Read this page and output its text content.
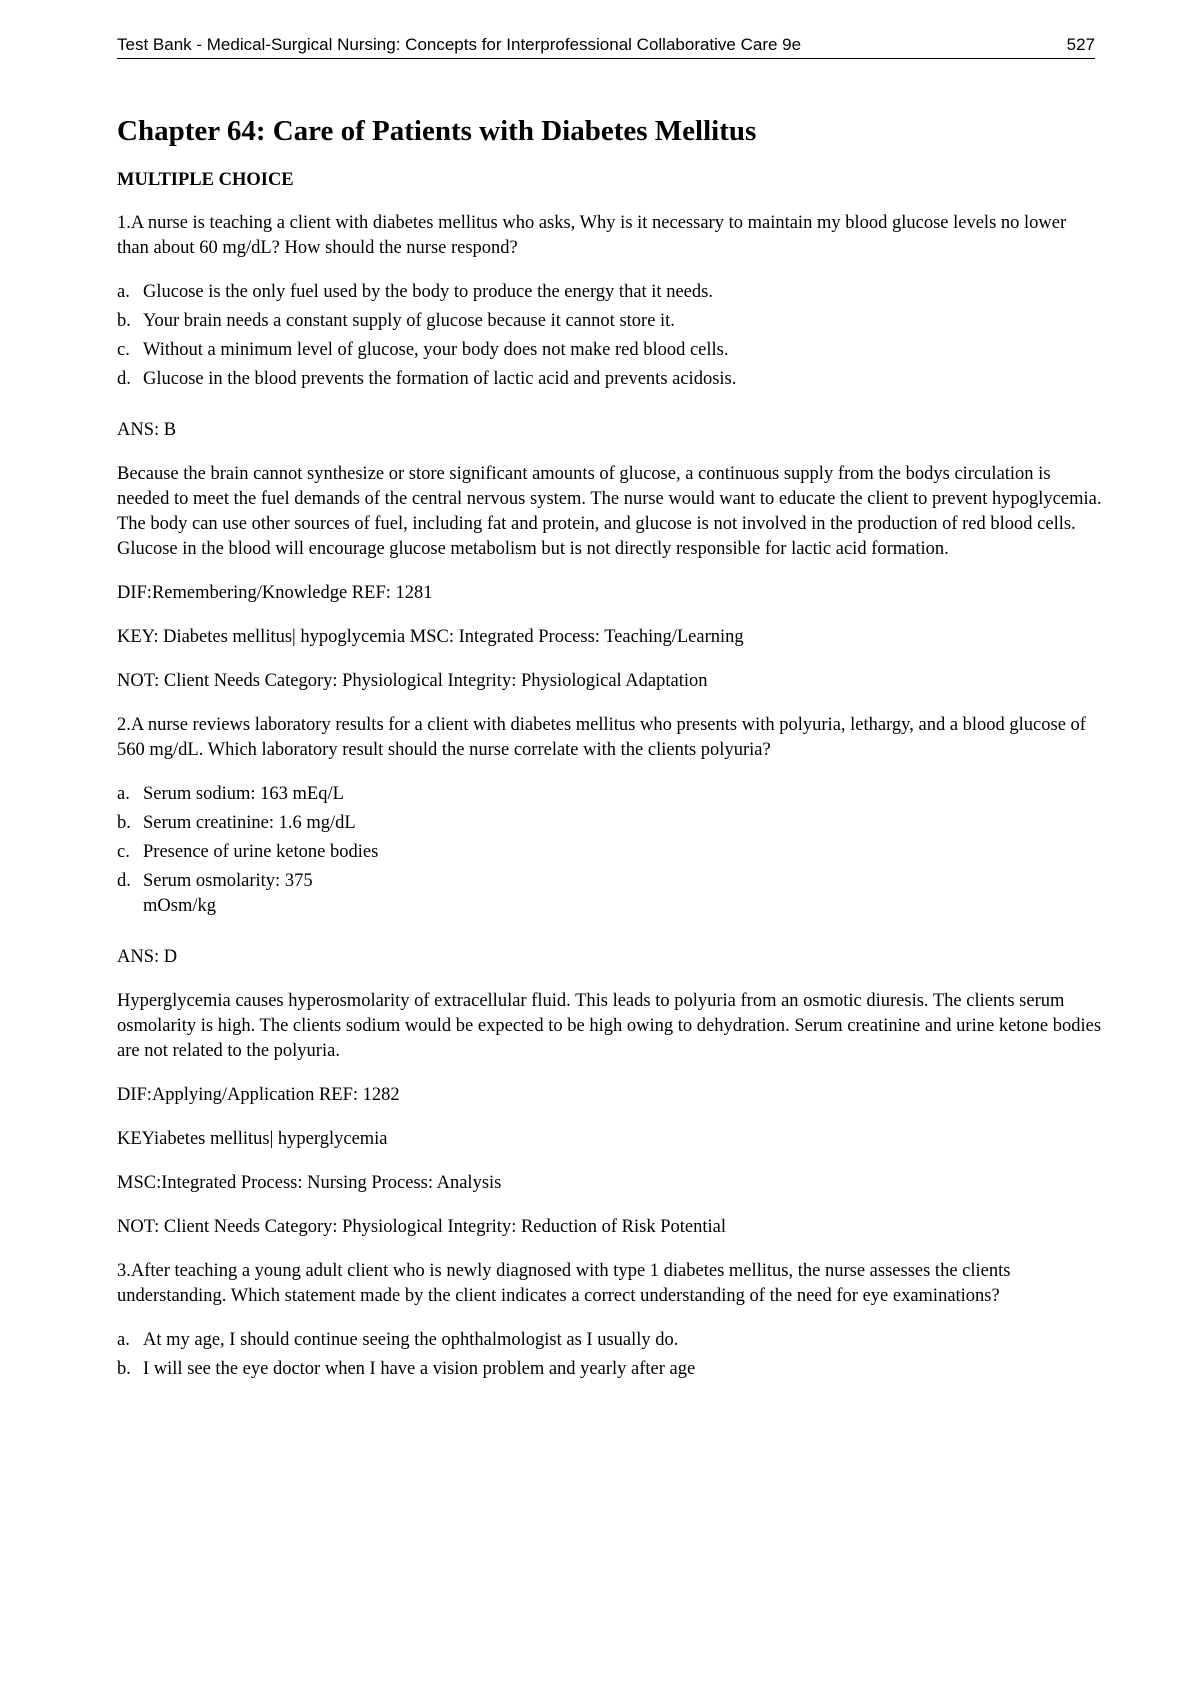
Test Bank - Medical-Surgical Nursing: Concepts for Interprofessional Collaborative Care 9e	527
Chapter 64: Care of Patients with Diabetes Mellitus
MULTIPLE CHOICE

1.A nurse is teaching a client with diabetes mellitus who asks, Why is it necessary to maintain my blood glucose levels no lower than about 60 mg/dL? How should the nurse respond?

a. Glucose is the only fuel used by the body to produce the energy that it needs.
b. Your brain needs a constant supply of glucose because it cannot store it.
c. Without a minimum level of glucose, your body does not make red blood cells.
d. Glucose in the blood prevents the formation of lactic acid and prevents acidosis.

ANS: B

Because the brain cannot synthesize or store significant amounts of glucose, a continuous supply from the bodys circulation is needed to meet the fuel demands of the central nervous system. The nurse would want to educate the client to prevent hypoglycemia. The body can use other sources of fuel, including fat and protein, and glucose is not involved in the production of red blood cells. Glucose in the blood will encourage glucose metabolism but is not directly responsible for lactic acid formation.

DIF:Remembering/Knowledge REF: 1281

KEY: Diabetes mellitus| hypoglycemia MSC: Integrated Process: Teaching/Learning

NOT: Client Needs Category: Physiological Integrity: Physiological Adaptation

2.A nurse reviews laboratory results for a client with diabetes mellitus who presents with polyuria, lethargy, and a blood glucose of 560 mg/dL. Which laboratory result should the nurse correlate with the clients polyuria?

a. Serum sodium: 163 mEq/L
b. Serum creatinine: 1.6 mg/dL
c. Presence of urine ketone bodies
d. Serum osmolarity: 375 mOsm/kg

ANS: D

Hyperglycemia causes hyperosmolarity of extracellular fluid. This leads to polyuria from an osmotic diuresis. The clients serum osmolarity is high. The clients sodium would be expected to be high owing to dehydration. Serum creatinine and urine ketone bodies are not related to the polyuria.

DIF:Applying/Application REF: 1282

KEYiabetes mellitus| hyperglycemia

MSC:Integrated Process: Nursing Process: Analysis

NOT: Client Needs Category: Physiological Integrity: Reduction of Risk Potential

3.After teaching a young adult client who is newly diagnosed with type 1 diabetes mellitus, the nurse assesses the clients understanding. Which statement made by the client indicates a correct understanding of the need for eye examinations?

a. At my age, I should continue seeing the ophthalmologist as I usually do.
b. I will see the eye doctor when I have a vision problem and yearly after age
